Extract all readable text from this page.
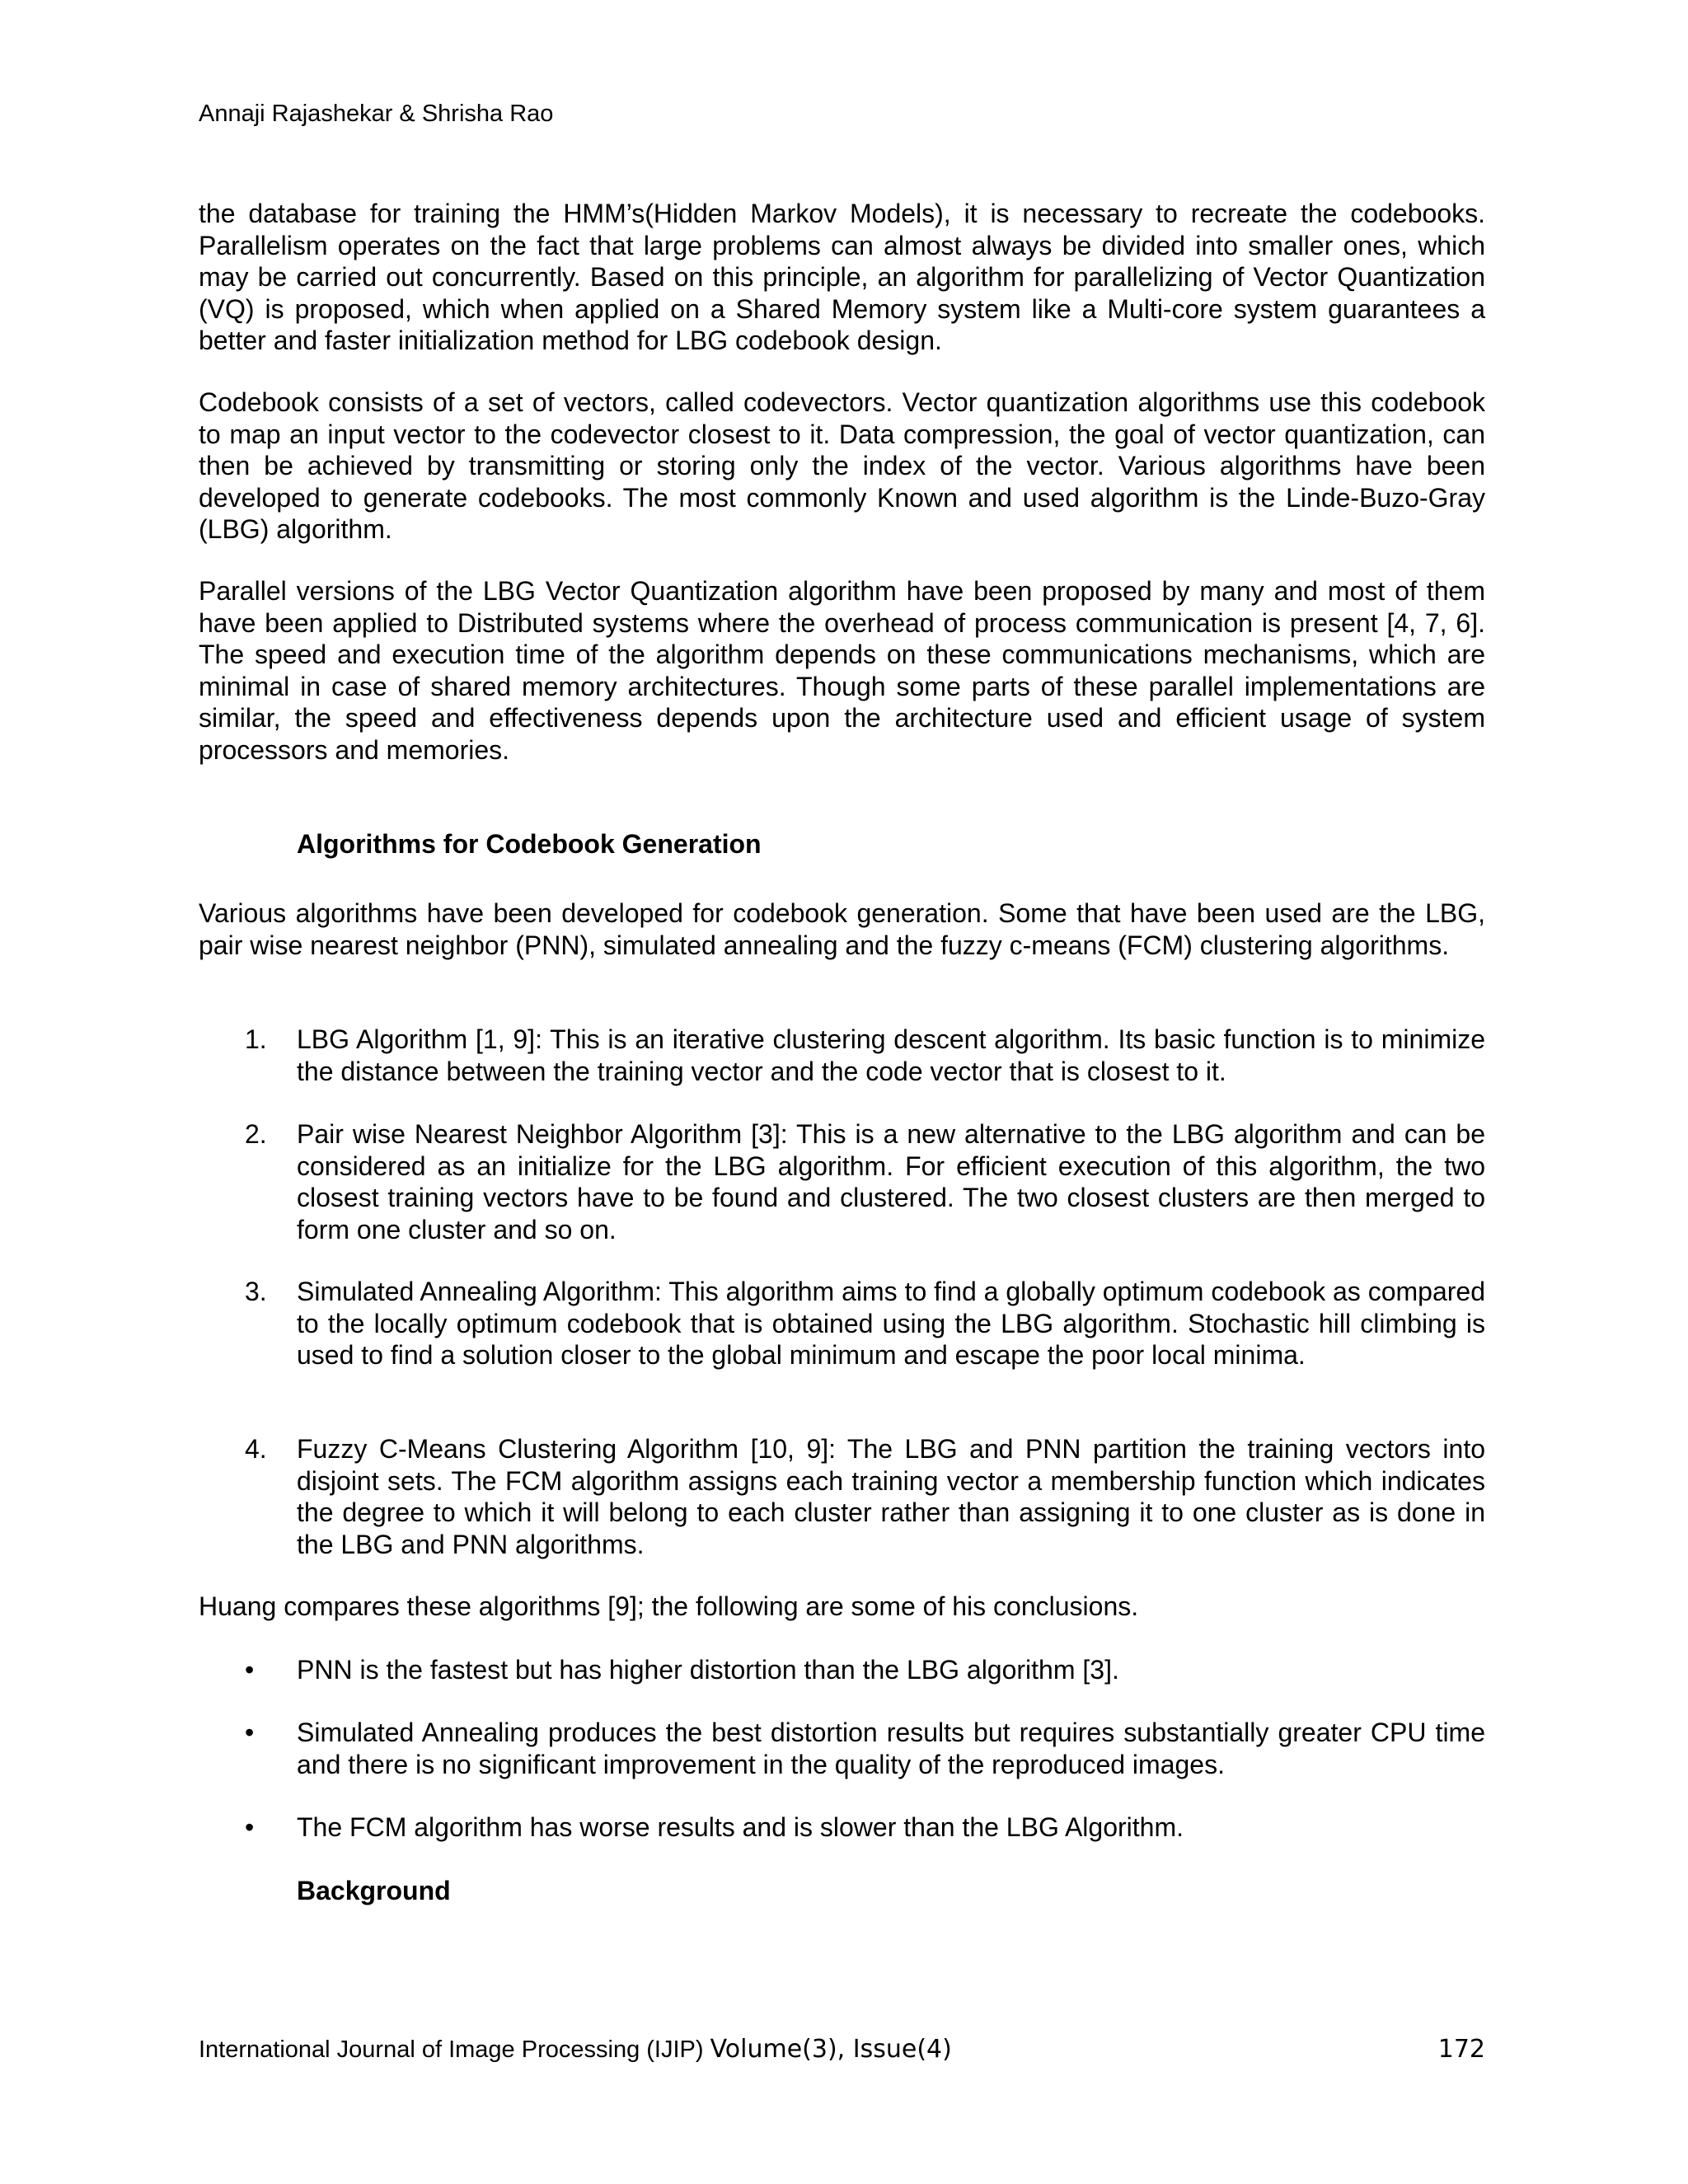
Annaji Rajashekar & Shrisha Rao

the database for training the HMM’s(Hidden Markov Models), it is necessary to recreate the codebooks. Parallelism operates on the fact that large problems can almost always be divided into smaller ones, which may be carried out concurrently. Based on this principle, an algorithm for parallelizing of Vector Quantization (VQ) is proposed, which when applied on a Shared Memory system like a Multi-core system guarantees a better and faster initialization method for LBG codebook design.

Codebook consists of a set of vectors, called codevectors. Vector quantization algorithms use this codebook to map an input vector to the codevector closest to it. Data compression, the goal of vector quantization, can then be achieved by transmitting or storing only the index of the vector. Various algorithms have been developed to generate codebooks. The most commonly Known and used algorithm is the Linde-Buzo-Gray (LBG) algorithm.

Parallel versions of the LBG Vector Quantization algorithm have been proposed by many and most of them have been applied to Distributed systems where the overhead of process communication is present [4, 7, 6]. The speed and execution time of the algorithm depends on these communications mechanisms, which are minimal in case of shared memory architectures. Though some parts of these parallel implementations are similar, the speed and effectiveness depends upon the architecture used and efficient usage of system processors and memories.

Algorithms for Codebook Generation

Various algorithms have been developed for codebook generation. Some that have been used are the LBG, pair wise nearest neighbor (PNN), simulated annealing and the fuzzy c-means (FCM) clustering algorithms.

1.	LBG Algorithm [1, 9]: This is an iterative clustering descent algorithm. Its basic function is to minimize the distance between the training vector and the code vector that is closest to it.
2.	Pair wise Nearest Neighbor Algorithm [3]: This is a new alternative to the LBG algorithm and can be considered as an initialize for the LBG algorithm. For efficient execution of this algorithm, the two closest training vectors have to be found and clustered. The two closest clusters are then merged to form one cluster and so on.
3.	Simulated Annealing Algorithm: This algorithm aims to find a globally optimum codebook as compared to the locally optimum codebook that is obtained using the LBG algorithm. Stochastic hill climbing is used to find a solution closer to the global minimum and escape the poor local minima.
4.	Fuzzy C-Means Clustering Algorithm [10, 9]: The LBG and PNN partition the training vectors into disjoint sets. The FCM algorithm assigns each training vector a membership function which indicates the degree to which it will belong to each cluster rather than assigning it to one cluster as is done in the LBG and PNN algorithms.

Huang compares these algorithms [9]; the following are some of his conclusions.

• PNN is the fastest but has higher distortion than the LBG algorithm [3].
• Simulated Annealing produces the best distortion results but requires substantially greater CPU time and there is no significant improvement in the quality of the reproduced images.
• The FCM algorithm has worse results and is slower than the LBG Algorithm.
Background
International Journal of Image Processing (IJIP) Volume(3), Issue(4)	172
